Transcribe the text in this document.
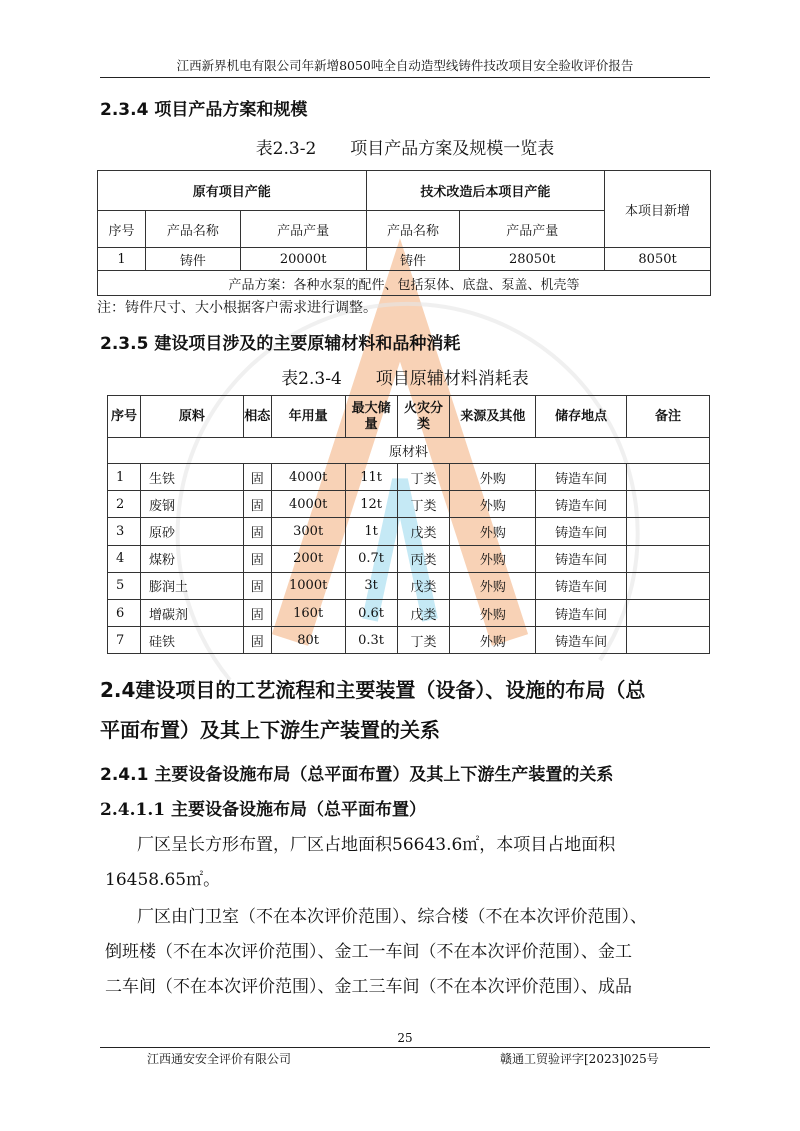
江西新界机电有限公司年新增8050吨全自动造型线铸件技改项目安全验收评价报告
2.3.4 项目产品方案和规模
表2.3-2　　项目产品方案及规模一览表
原有项目产能			技术改造后本项目产能		本项目新增
序号	产品名称	产品产量	产品名称	产品产量	
1	铸件	20000t	铸件	28050t	8050t
产品方案：各种水泵的配件、包括泵体、底盘、泵盖、机壳等					
注：铸件尺寸、大小根据客户需求进行调整。
2.3.5 建设项目涉及的主要原辅材料和品种消耗
表2.3-4　　项目原辅材料消耗表
序号	原料	相态	年用量	最大储量	火灾分类	来源及其他	储存地点	备注
原材料								
1	生铁	固	4000t	11t	丁类	外购	铸造车间	
2	废钢	固	4000t	12t	丁类	外购	铸造车间	
3	原砂	固	300t	1t	戊类	外购	铸造车间	
4	煤粉	固	200t	0.7t	丙类	外购	铸造车间	
5	膨润土	固	1000t	3t	戊类	外购	铸造车间	
6	增碳剂	固	160t	0.6t	戊类	外购	铸造车间	
7	硅铁	固	80t	0.3t	丁类	外购	铸造车间	
2.4建设项目的工艺流程和主要装置（设备）、设施的布局（总
平面布置）及其上下游生产装置的关系
2.4.1 主要设备设施布局（总平面布置）及其上下游生产装置的关系
2.4.1.1 主要设备设施布局（总平面布置）
厂区呈长方形布置，厂区占地面积56643.6㎡，本项目占地面积
16458.65㎡。
厂区由门卫室（不在本次评价范围）、综合楼（不在本次评价范围）、
倒班楼（不在本次评价范围）、金工一车间（不在本次评价范围）、金工
二车间（不在本次评价范围）、金工三车间（不在本次评价范围）、成品
25
江西通安安全评价有限公司	赣通工贸验评字[2023]025号
